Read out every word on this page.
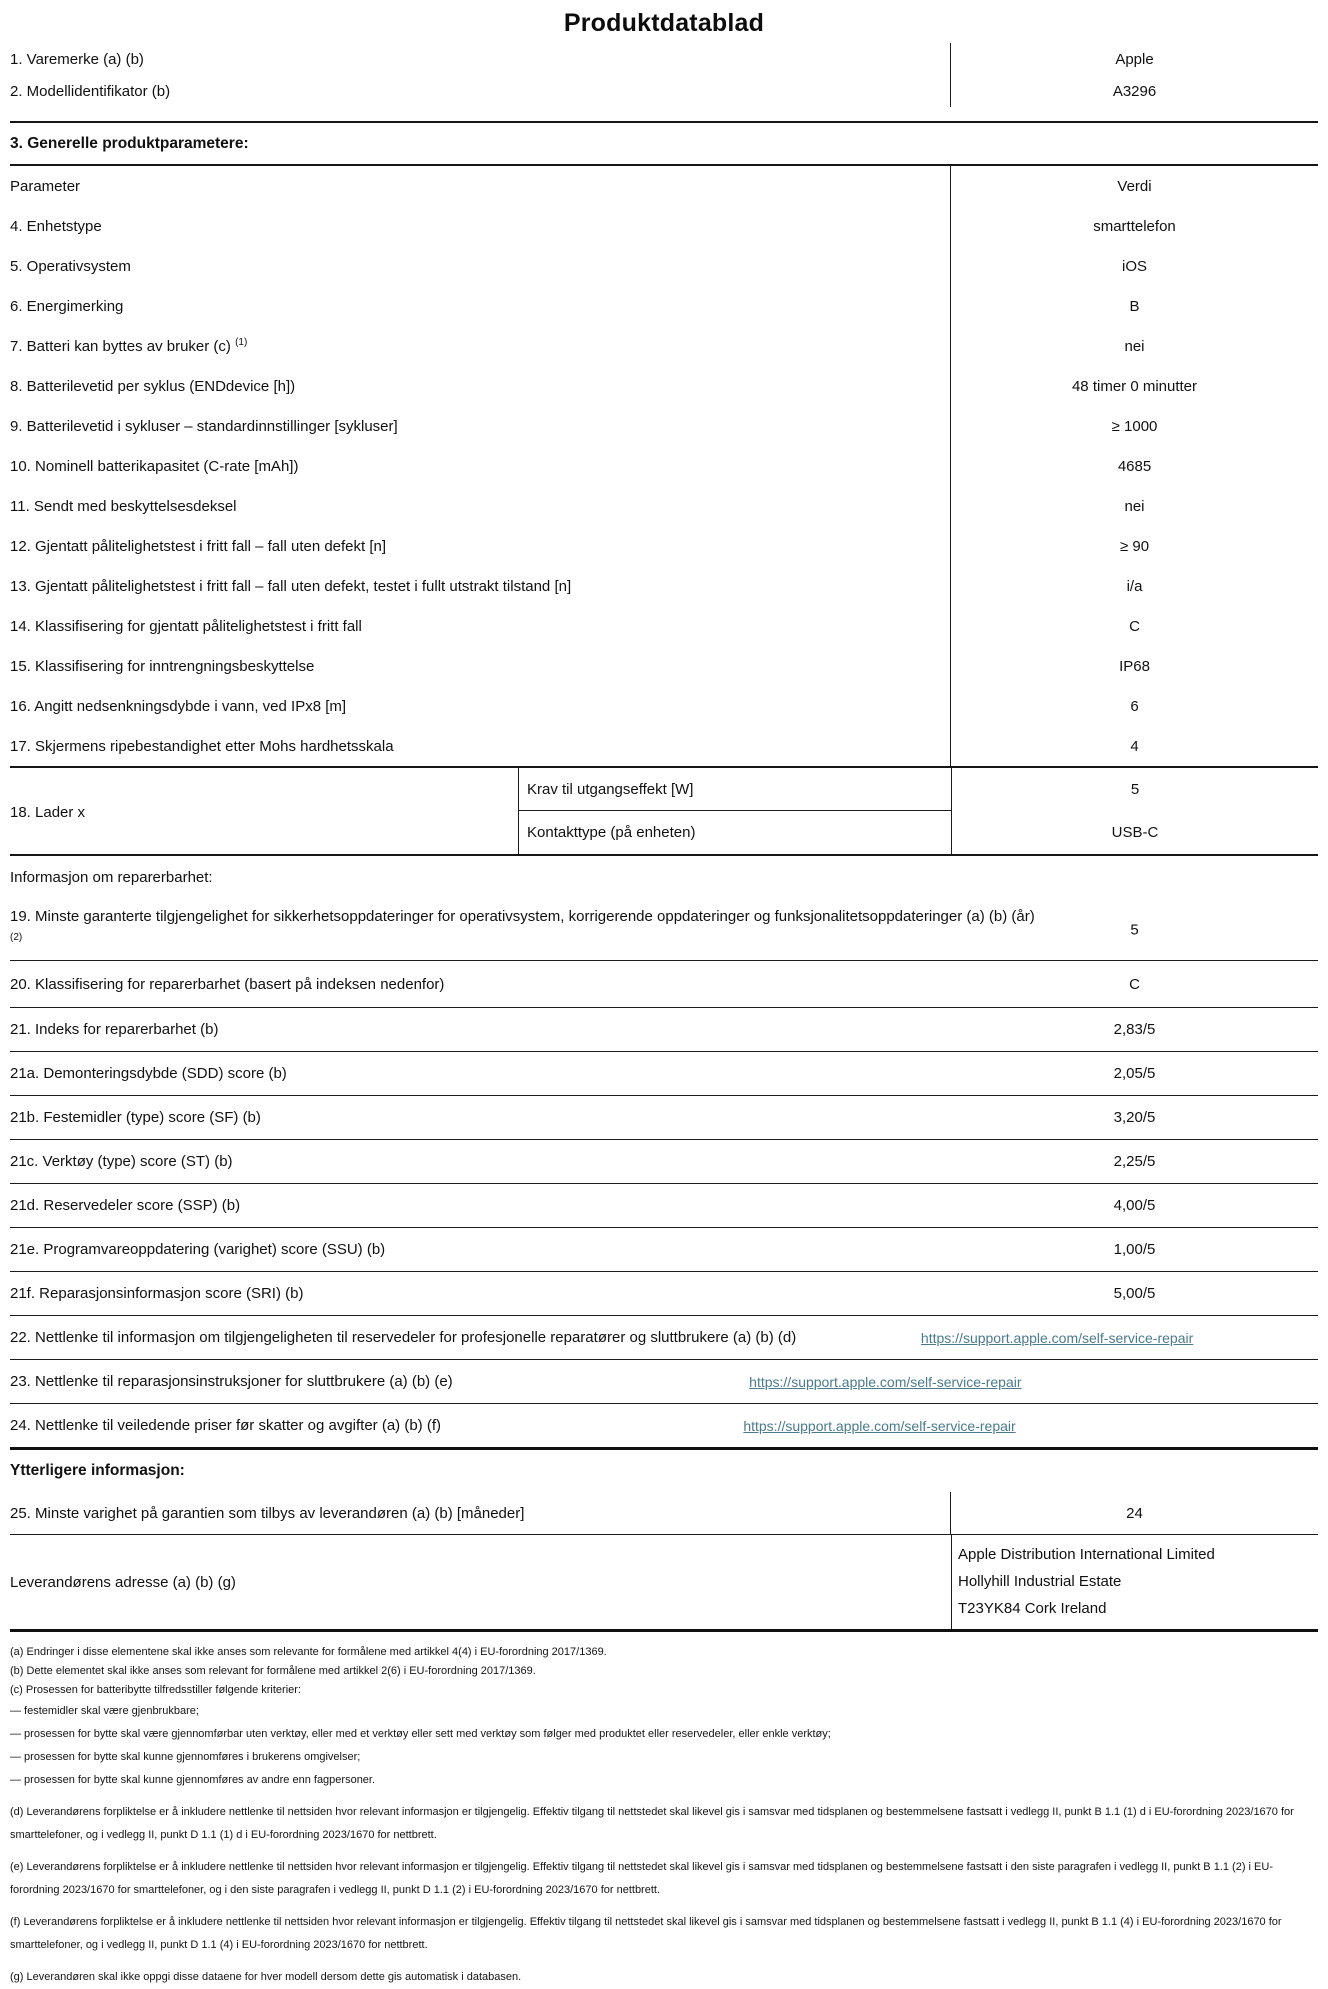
Produktdatablad
1. Varemerke (a) (b)	Apple
2. Modellidentifikator (b)	A3296
3. Generelle produktparametere:
Parameter	Verdi
4. Enhetstype	smarttelefon
5. Operativsystem	iOS
6. Energimerking	B
7. Batteri kan byttes av bruker (c) $^{(1)}$	nei
8. Batterilevetid per syklus (ENDdevice [h])	48 timer 0 minutter
9. Batterilevetid i sykluser – standardinnstillinger [sykluser]	≥ 1000
10. Nominell batterikapasitet (C-rate [mAh])	4685
11. Sendt med beskyttelsesdeksel	nei
12. Gjentatt pålitelighetstest i fritt fall – fall uten defekt [n]	≥ 90
13. Gjentatt pålitelighetstest i fritt fall – fall uten defekt, testet i fullt utstrakt tilstand [n]	i/a
14. Klassifisering for gjentatt pålitelighetstest i fritt fall	C
15. Klassifisering for inntrengningsbeskyttelse	IP68
16. Angitt nedsenkningsdybde i vann, ved IPx8 [m]	6
17. Skjermens ripebestandighet etter Mohs hardhetsskala	4
18. Lader x
Krav til utgangseffekt [W]	5
Kontakttype (på enheten)	USB-C
Informasjon om reparerbarhet:
19. Minste garanterte tilgjengelighet for sikkerhetsoppdateringer for operativsystem, korrigerende oppdateringer og funksjonalitetsoppdateringer (a) (b) (år) $^{(2)}$	5
20. Klassifisering for reparerbarhet (basert på indeksen nedenfor)	C
21. Indeks for reparerbarhet (b)	2,83/5
21a. Demonteringsdybde (SDD) score (b)	2,05/5
21b. Festemidler (type) score (SF) (b)	3,20/5
21c. Verktøy (type) score (ST) (b)	2,25/5
21d. Reservedeler score (SSP) (b)	4,00/5
21e. Programvareoppdatering (varighet) score (SSU) (b)	1,00/5
21f. Reparasjonsinformasjon score (SRI) (b)	5,00/5
22. Nettlenke til informasjon om tilgjengeligheten til reservedeler for profesjonelle reparatører og sluttbrukere (a) (b) (d)	https://support.apple.com/self-service-repair
23. Nettlenke til reparasjonsinstruksjoner for sluttbrukere (a) (b) (e)	https://support.apple.com/self-service-repair
24. Nettlenke til veiledende priser før skatter og avgifter (a) (b) (f)	https://support.apple.com/self-service-repair
Ytterligere informasjon:
25. Minste varighet på garantien som tilbys av leverandøren (a) (b) [måneder]	24
Leverandørens adresse (a) (b) (g)
Apple Distribution International Limited
Hollyhill Industrial Estate
T23YK84 Cork Ireland
(a) Endringer i disse elementene skal ikke anses som relevante for formålene med artikkel 4(4) i EU-forordning 2017/1369.
(b) Dette elementet skal ikke anses som relevant for formålene med artikkel 2(6) i EU-forordning 2017/1369.
(c) Prosessen for batteribytte tilfredsstiller følgende kriterier:
— festemidler skal være gjenbrukbare;
— prosessen for bytte skal være gjennomførbar uten verktøy, eller med et verktøy eller sett med verktøy som følger med produktet eller reservedeler, eller enkle verktøy;
— prosessen for bytte skal kunne gjennomføres i brukerens omgivelser;
— prosessen for bytte skal kunne gjennomføres av andre enn fagpersoner.
(d) Leverandørens forpliktelse er å inkludere nettlenke til nettsiden hvor relevant informasjon er tilgjengelig. Effektiv tilgang til nettstedet skal likevel gis i samsvar med tidsplanen og bestemmelsene fastsatt i vedlegg II, punkt B 1.1 (1) d i EU-forordning 2023/1670 for smarttelefoner, og i vedlegg II, punkt D 1.1 (1) d i EU-forordning 2023/1670 for nettbrett.
(e) Leverandørens forpliktelse er å inkludere nettlenke til nettsiden hvor relevant informasjon er tilgjengelig. Effektiv tilgang til nettstedet skal likevel gis i samsvar med tidsplanen og bestemmelsene fastsatt i den siste paragrafen i vedlegg II, punkt B 1.1 (2) i EU-forordning 2023/1670 for smarttelefoner, og i den siste paragrafen i vedlegg II, punkt D 1.1 (2) i EU-forordning 2023/1670 for nettbrett.
(f) Leverandørens forpliktelse er å inkludere nettlenke til nettsiden hvor relevant informasjon er tilgjengelig. Effektiv tilgang til nettstedet skal likevel gis i samsvar med tidsplanen og bestemmelsene fastsatt i vedlegg II, punkt B 1.1 (4) i EU-forordning 2023/1670 for smarttelefoner, og i vedlegg II, punkt D 1.1 (4) i EU-forordning 2023/1670 for nettbrett.
(g) Leverandøren skal ikke oppgi disse dataene for hver modell dersom dette gis automatisk i databasen.
